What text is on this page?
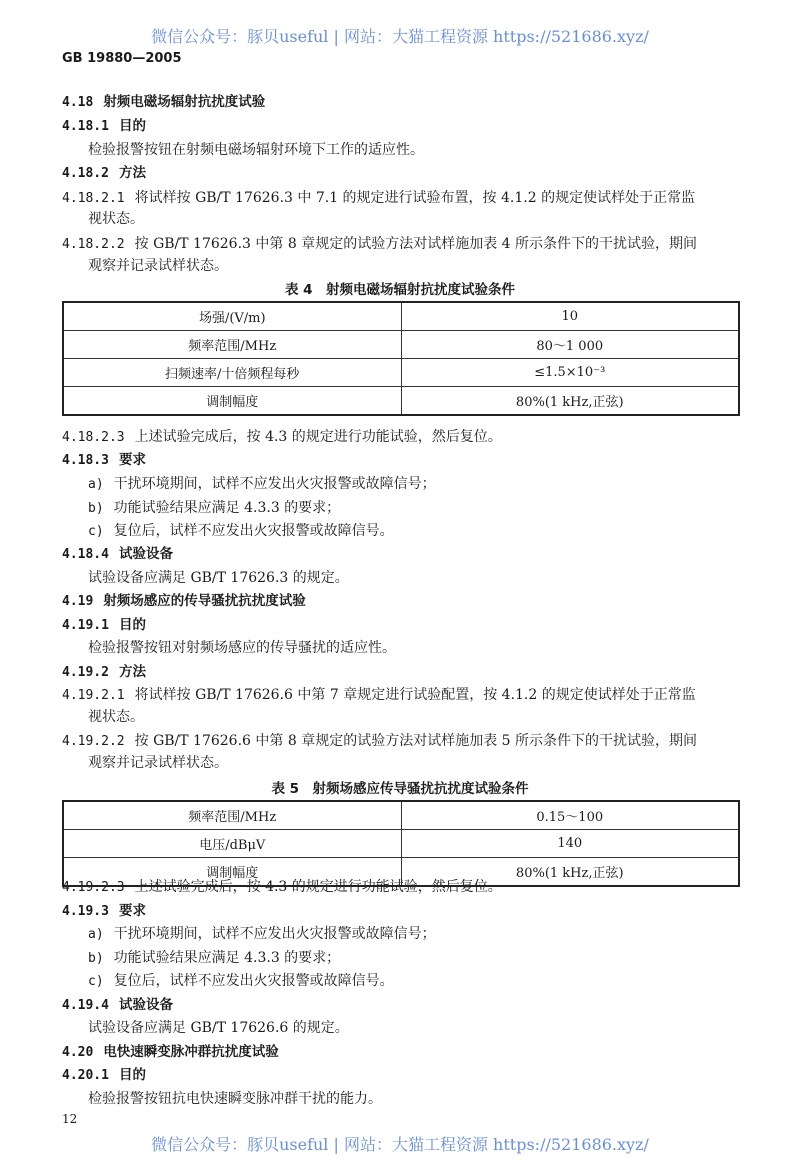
微信公众号：豚贝useful | 网站：大猫工程资源 https://521686.xyz/
GB 19880—2005
4.18 射频电磁场辐射抗扰度试验
4.18.1 目的
检验报警按钮在射频电磁场辐射环境下工作的适应性。
4.18.2 方法
4.18.2.1 将试样按 GB/T 17626.3 中 7.1 的规定进行试验布置，按 4.1.2 的规定使试样处于正常监
视状态。
4.18.2.2 按 GB/T 17626.3 中第 8 章规定的试验方法对试样施加表 4 所示条件下的干扰试验，期间
观察并记录试样状态。
4.18.2.3 上述试验完成后，按 4.3 的规定进行功能试验，然后复位。
4.18.3 要求
a) 干扰环境期间，试样不应发出火灾报警或故障信号；
b) 功能试验结果应满足 4.3.3 的要求；
c) 复位后，试样不应发出火灾报警或故障信号。
4.18.4 试验设备
试验设备应满足 GB/T 17626.3 的规定。
4.19 射频场感应的传导骚扰抗扰度试验
4.19.1 目的
检验报警按钮对射频场感应的传导骚扰的适应性。
4.19.2 方法
4.19.2.1 将试样按 GB/T 17626.6 中第 7 章规定进行试验配置，按 4.1.2 的规定使试样处于正常监
视状态。
4.19.2.2 按 GB/T 17626.6 中第 8 章规定的试验方法对试样施加表 5 所示条件下的干扰试验，期间
观察并记录试样状态。
4.19.2.3 上述试验完成后，按 4.3 的规定进行功能试验，然后复位。
4.19.3 要求
a) 干扰环境期间，试样不应发出火灾报警或故障信号；
b) 功能试验结果应满足 4.3.3 的要求；
c) 复位后，试样不应发出火灾报警或故障信号。
4.19.4 试验设备
试验设备应满足 GB/T 17626.6 的规定。
4.20 电快速瞬变脉冲群抗扰度试验
4.20.1 目的
检验报警按钮抗电快速瞬变脉冲群干扰的能力。
表 4　射频电磁场辐射抗扰度试验条件
场强/(V/m)	10
频率范围/MHz	80～1 000
扫频速率/十倍频程每秒	≤1.5×10⁻³
调制幅度	80%(1 kHz,正弦)
表 5　射频场感应传导骚扰抗扰度试验条件
频率范围/MHz	0.15～100
电压/dBμV	140
调制幅度	80%(1 kHz,正弦)
12
微信公众号：豚贝useful | 网站：大猫工程资源 https://521686.xyz/
